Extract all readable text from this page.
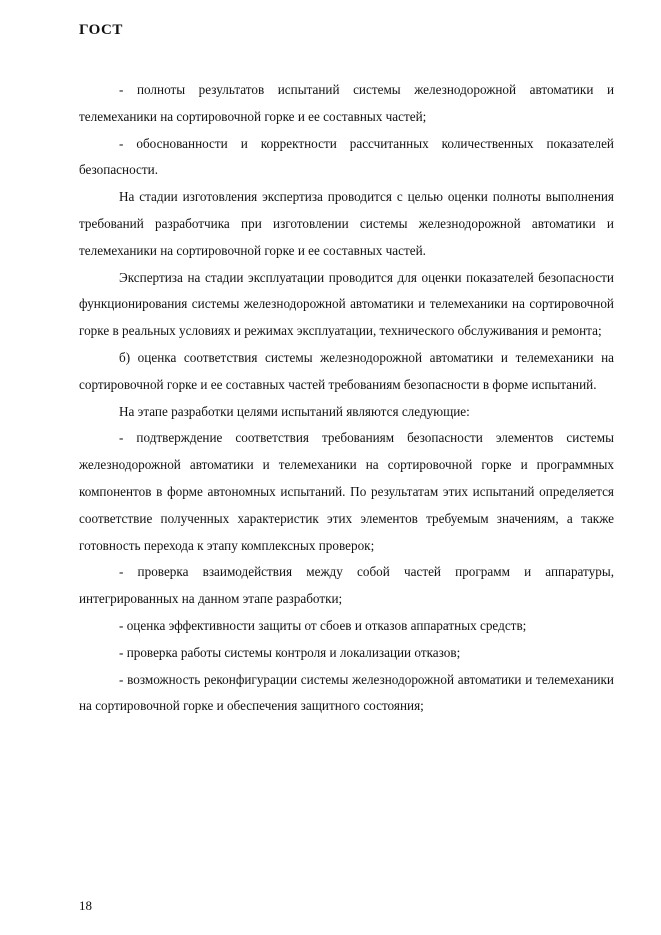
ГОСТ

- полноты результатов испытаний системы железнодорожной автоматики и телемеханики на сортировочной горке и ее составных частей;

- обоснованности и корректности рассчитанных количественных показателей безопасности.

На стадии изготовления экспертиза проводится с целью оценки полноты выполнения требований разработчика при изготовлении системы железнодорожной автоматики и телемеханики на сортировочной горке и ее составных частей.

Экспертиза на стадии эксплуатации проводится для оценки показателей безопасности функционирования системы железнодорожной автоматики и телемеханики на сортировочной горке в реальных условиях и режимах эксплуатации, технического обслуживания и ремонта;

б) оценка соответствия системы железнодорожной автоматики и телемеханики на сортировочной горке и ее составных частей требованиям безопасности в форме испытаний.

На этапе разработки целями испытаний являются следующие:

- подтверждение соответствия требованиям безопасности элементов системы железнодорожной автоматики и телемеханики на сортировочной горке и программных компонентов в форме автономных испытаний. По результатам этих испытаний определяется соответствие полученных характеристик этих элементов требуемым значениям, а также готовность перехода к этапу комплексных проверок;

- проверка взаимодействия между собой частей программ и аппаратуры, интегрированных на данном этапе разработки;

- оценка эффективности защиты от сбоев и отказов аппаратных средств;

- проверка работы системы контроля и локализации отказов;

- возможность реконфигурации системы железнодорожной автоматики и телемеханики на сортировочной горке и обеспечения защитного состояния;

18
